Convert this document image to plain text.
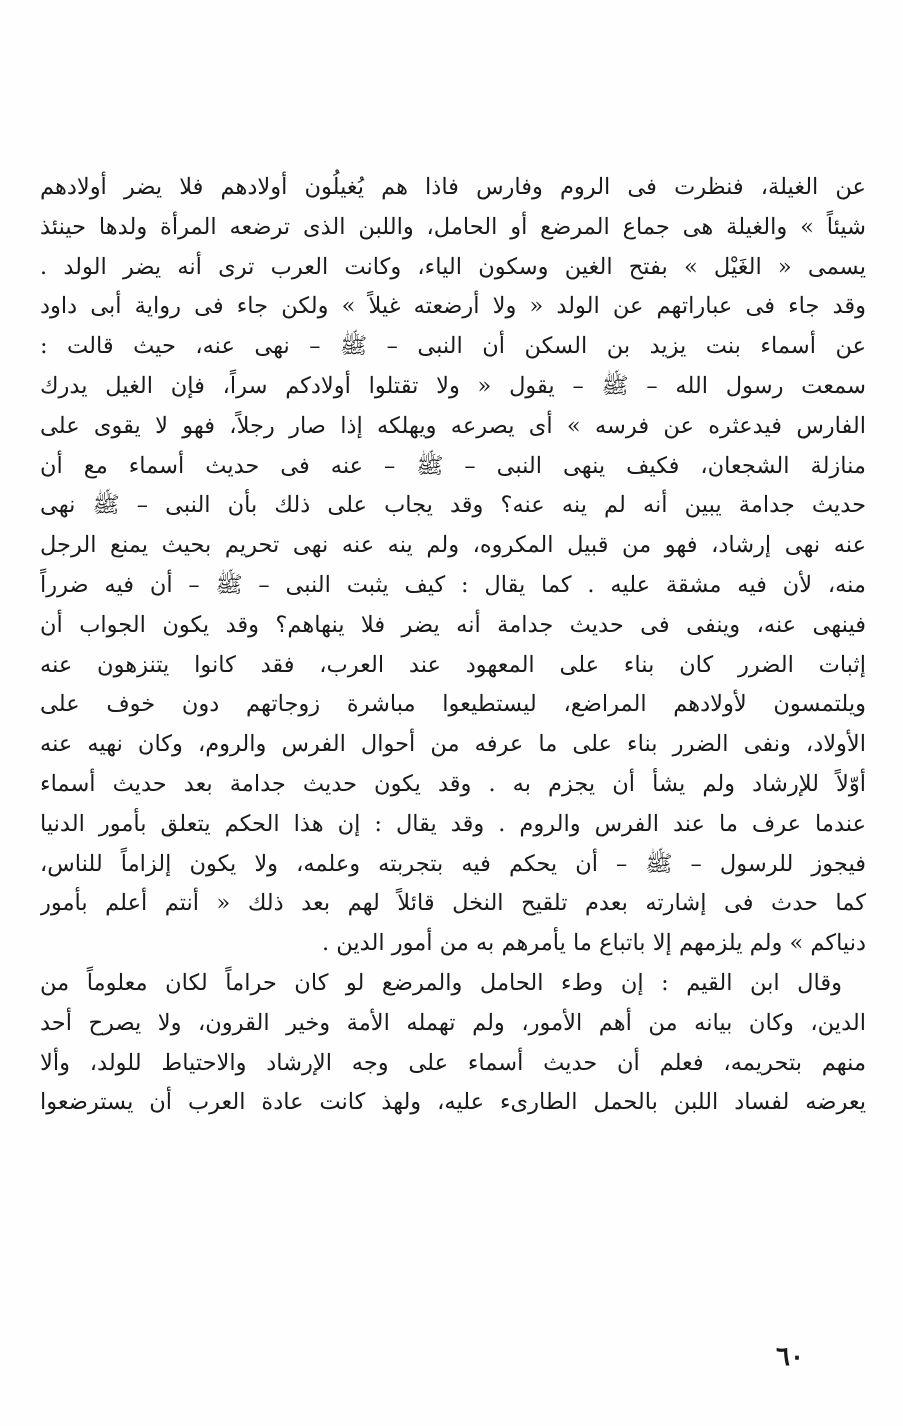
عن الغيلة، فنظرت فى الروم وفارس فاذا هم يُغيلُون أولادهم فلا يضر أولادهم
شيئاً » والغيلة هى جماع المرضع أو الحامل، واللبن الذى ترضعه المرأة ولدها حينئذ
يسمى « الغَيْل » بفتح الغين وسكون الياء، وكانت العرب ترى أنه يضر الولد .
وقد جاء فى عباراتهم عن الولد « ولا أرضعته غيلاً » ولكن جاء فى رواية أبى داود
عن أسماء بنت يزيد بن السكن أن النبى – ﷺ – نهى عنه، حيث قالت :
سمعت رسول الله – ﷺ – يقول « ولا تقتلوا أولادكم سراً، فإن الغيل يدرك
الفارس فيدعثره عن فرسه » أى يصرعه ويهلكه إذا صار رجلاً، فهو لا يقوى على
منازلة الشجعان، فكيف ينهى النبى – ﷺ – عنه فى حديث أسماء مع أن
حديث جدامة يبين أنه لم ينه عنه؟ وقد يجاب على ذلك بأن النبى – ﷺ نهى
عنه نهى إرشاد، فهو من قبيل المكروه، ولم ينه عنه نهى تحريم بحيث يمنع الرجل
منه، لأن فيه مشقة عليه . كما يقال : كيف يثبت النبى – ﷺ – أن فيه ضرراً
فينهى عنه، وينفى فى حديث جدامة أنه يضر فلا ينهاهم؟ وقد يكون الجواب أن
إثبات الضرر كان بناء على المعهود عند العرب، فقد كانوا يتنزهون عنه
ويلتمسون لأولادهم المراضع، ليستطيعوا مباشرة زوجاتهم دون خوف على
الأولاد، ونفى الضرر بناء على ما عرفه من أحوال الفرس والروم، وكان نهيه عنه
أوّلاً للإرشاد ولم يشأ أن يجزم به . وقد يكون حديث جدامة بعد حديث أسماء
عندما عرف ما عند الفرس والروم . وقد يقال : إن هذا الحكم يتعلق بأمور الدنيا
فيجوز للرسول – ﷺ – أن يحكم فيه بتجربته وعلمه، ولا يكون إلزاماً للناس،
كما حدث فى إشارته بعدم تلقيح النخل قائلاً لهم بعد ذلك « أنتم أعلم بأمور
دنياكم » ولم يلزمهم إلا باتباع ما يأمرهم به من أمور الدين .
وقال ابن القيم : إن وطء الحامل والمرضع لو كان حراماً لكان معلوماً من
الدين، وكان بيانه من أهم الأمور، ولم تهمله الأمة وخير القرون، ولا يصرح أحد
منهم بتحريمه، فعلم أن حديث أسماء على وجه الإرشاد والاحتياط للولد، وألا
يعرضه لفساد اللبن بالحمل الطارىء عليه، ولهذ كانت عادة العرب أن يسترضعوا
٦٠
